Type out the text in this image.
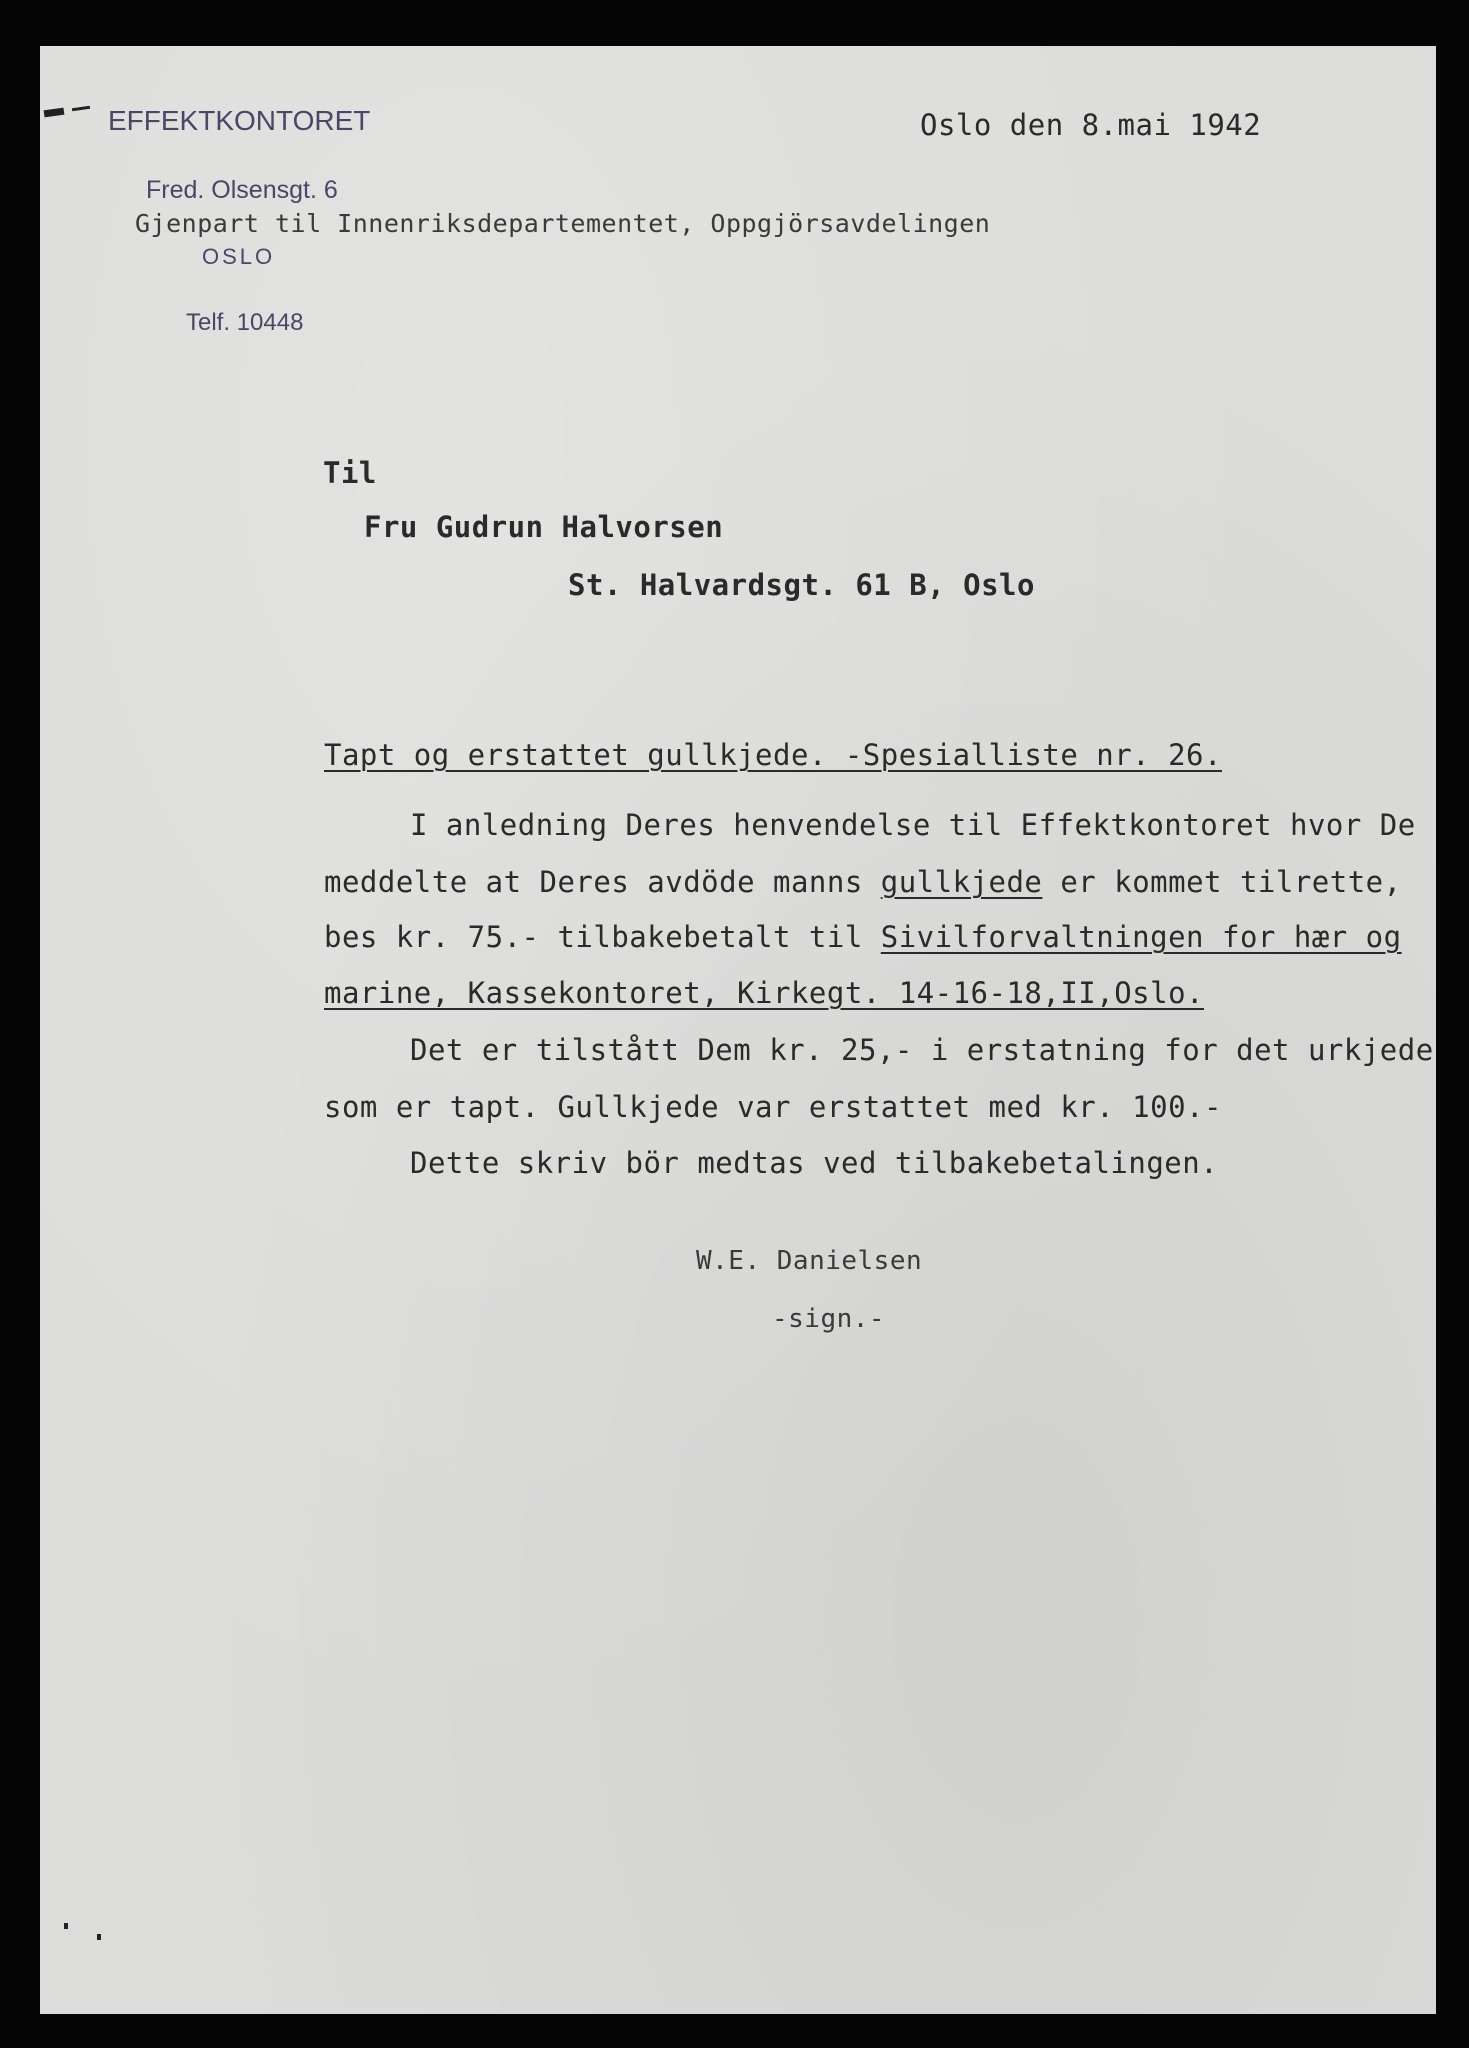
EFFEKTKONTORET

Fred. Olsensgt. 6

OSLO

Telf. 10448

Oslo den 8.mai 1942
Gjenpart til Innenriksdepartementet, Oppgjörsavdelingen
Til
Fru Gudrun Halvorsen
St. Halvardsgt. 61 B, Oslo
Tapt og erstattet gullkjede. -Spesialliste nr. 26.
I anledning Deres henvendelse til Effektkontoret hvor De
meddelte at Deres avdöde manns gullkjede er kommet tilrette,
bes kr. 75.- tilbakebetalt til Sivilforvaltningen for hær og
marine, Kassekontoret, Kirkegt. 14-16-18,II,Oslo.
Det er tilstått Dem kr. 25,- i erstatning for det urkjede
som er tapt. Gullkjede var erstattet med kr. 100.-
Dette skriv bör medtas ved tilbakebetalingen.
W.E. Danielsen
-sign.-
